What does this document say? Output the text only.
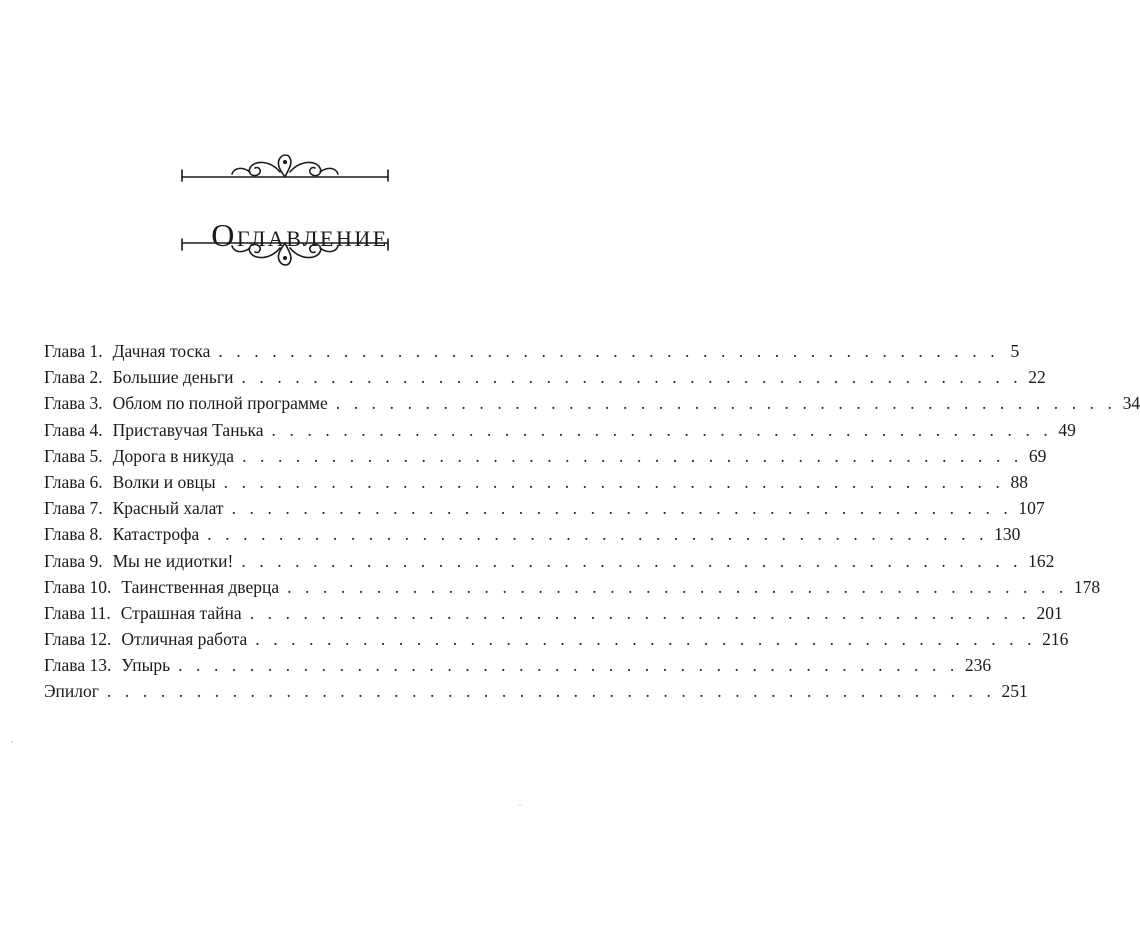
Оглавление
Глава 1. Дачная тоска . . . . . . . . . . . . . . . . . . . . . . . . . . . . . . . . . . . . . . . . . . . . 5
Глава 2. Большие деньги . . . . . . . . . . . . . . . . . . . . . . . . . . . . . . . . . . . . . . . . . . . . 22
Глава 3. Облом по полной программе . . . . . . . . . . . . . . . . . . . . . . . . . . . . . . . . . . . . . . . . . . . . 34
Глава 4. Приставучая Танька . . . . . . . . . . . . . . . . . . . . . . . . . . . . . . . . . . . . . . . . . . . . 49
Глава 5. Дорога в никуда . . . . . . . . . . . . . . . . . . . . . . . . . . . . . . . . . . . . . . . . . . . . 69
Глава 6. Волки и овцы . . . . . . . . . . . . . . . . . . . . . . . . . . . . . . . . . . . . . . . . . . . . 88
Глава 7. Красный халат . . . . . . . . . . . . . . . . . . . . . . . . . . . . . . . . . . . . . . . . . . . . 107
Глава 8. Катастрофа . . . . . . . . . . . . . . . . . . . . . . . . . . . . . . . . . . . . . . . . . . . . 130
Глава 9. Мы не идиотки! . . . . . . . . . . . . . . . . . . . . . . . . . . . . . . . . . . . . . . . . . . . . 162
Глава 10. Таинственная дверца . . . . . . . . . . . . . . . . . . . . . . . . . . . . . . . . . . . . . . . . . . . . 178
Глава 11. Страшная тайна . . . . . . . . . . . . . . . . . . . . . . . . . . . . . . . . . . . . . . . . . . . . 201
Глава 12. Отличная работа . . . . . . . . . . . . . . . . . . . . . . . . . . . . . . . . . . . . . . . . . . . . 216
Глава 13. Упырь . . . . . . . . . . . . . . . . . . . . . . . . . . . . . . . . . . . . . . . . . . . . 236
Эпилог . . . . . . . . . . . . . . . . . . . . . . . . . . . . . . . . . . . . . . . . . . . . . . . . . . 251
